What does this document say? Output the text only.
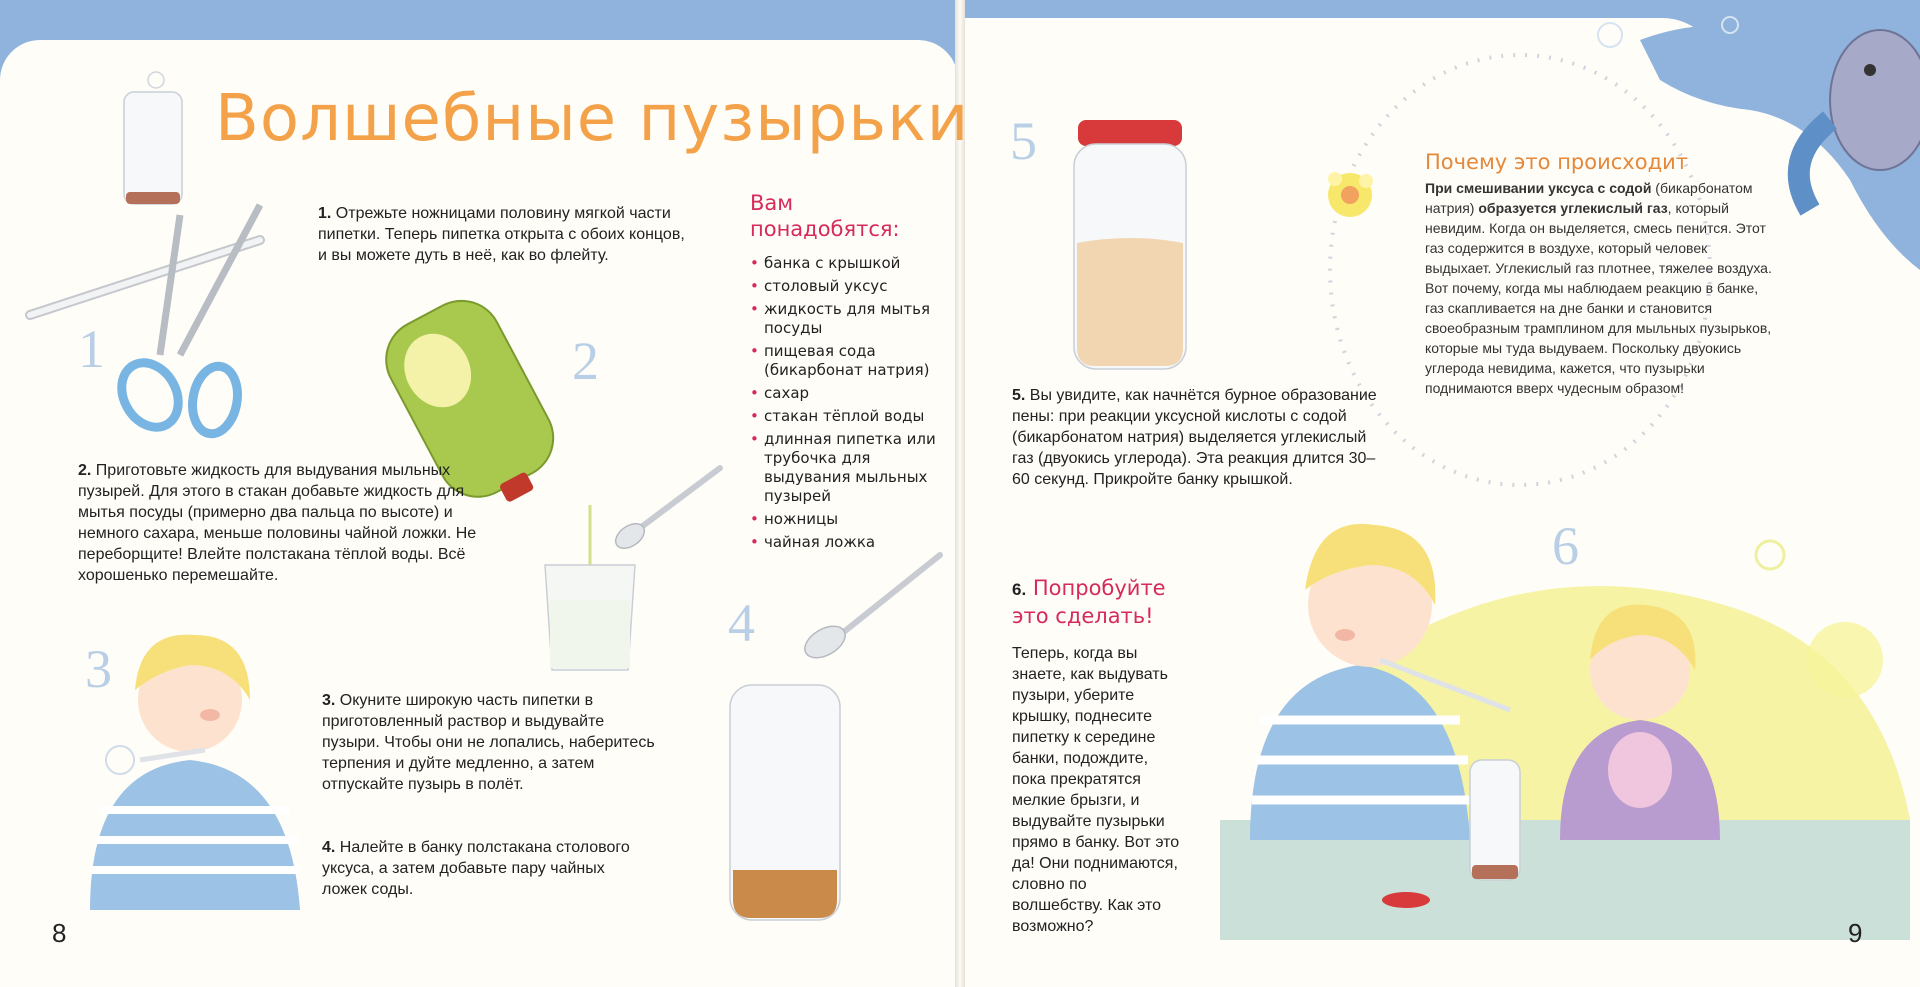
Волшебные пузырьки
1
1. Отрежьте ножницами половину мягкой части пипетки. Теперь пипетка открыта с обоих концов, и вы можете дуть в неё, как во флейту.
2
2. Приготовьте жидкость для выдувания мыльных пузырей. Для этого в стакан добавьте жидкость для мытья посуды (примерно два пальца по высоте) и немного сахара, меньше половины чайной ложки. Не переборщите! Влейте полстакана тёплой воды. Всё хорошенько перемешайте.
Вам понадобятся:
• банка с крышкой
• столовый уксус
• жидкость для мытья посуды
• пищевая сода (бикарбонат натрия)
• сахар
• стакан тёплой воды
• длинная пипетка или трубочка для выдувания мыльных пузырей
• ножницы
• чайная ложка
3
3. Окуните широкую часть пипетки в приготовленный раствор и выдувайте пузыри. Чтобы они не лопались, наберитесь терпения и дуйте медленно, а затем отпускайте пузырь в полёт.
4. Налейте в банку полстакана столового уксуса, а затем добавьте пару чайных ложек соды.
4
8
5
5. Вы увидите, как начнётся бурное образование пены: при реакции уксусной кислоты с содой (бикарбонатом натрия) выделяется углекислый газ (двуокись углерода). Эта реакция длится 30–60 секунд. Прикройте банку крышкой.
Почему это происходит
При смешивании уксуса с содой (бикарбонатом натрия) образуется углекислый газ, который невидим. Когда он выделяется, смесь пенится. Этот газ содержится в воздухе, который человек выдыхает. Углекислый газ плотнее, тяжелее воздуха. Вот почему, когда мы наблюдаем реакцию в банке, газ скапливается на дне банки и становится своеобразным трамплином для мыльных пузырьков, которые мы туда выдуваем. Поскольку двуокись углерода невидима, кажется, что пузырьки поднимаются вверх чудесным образом!
6. Попробуйте это сделать!
Теперь, когда вы знаете, как выдувать пузыри, уберите крышку, поднесите пипетку к середине банки, подождите, пока прекратятся мелкие брызги, и выдувайте пузырьки прямо в банку. Вот это да! Они поднимаются, словно по волшебству. Как это возможно?
6
9
